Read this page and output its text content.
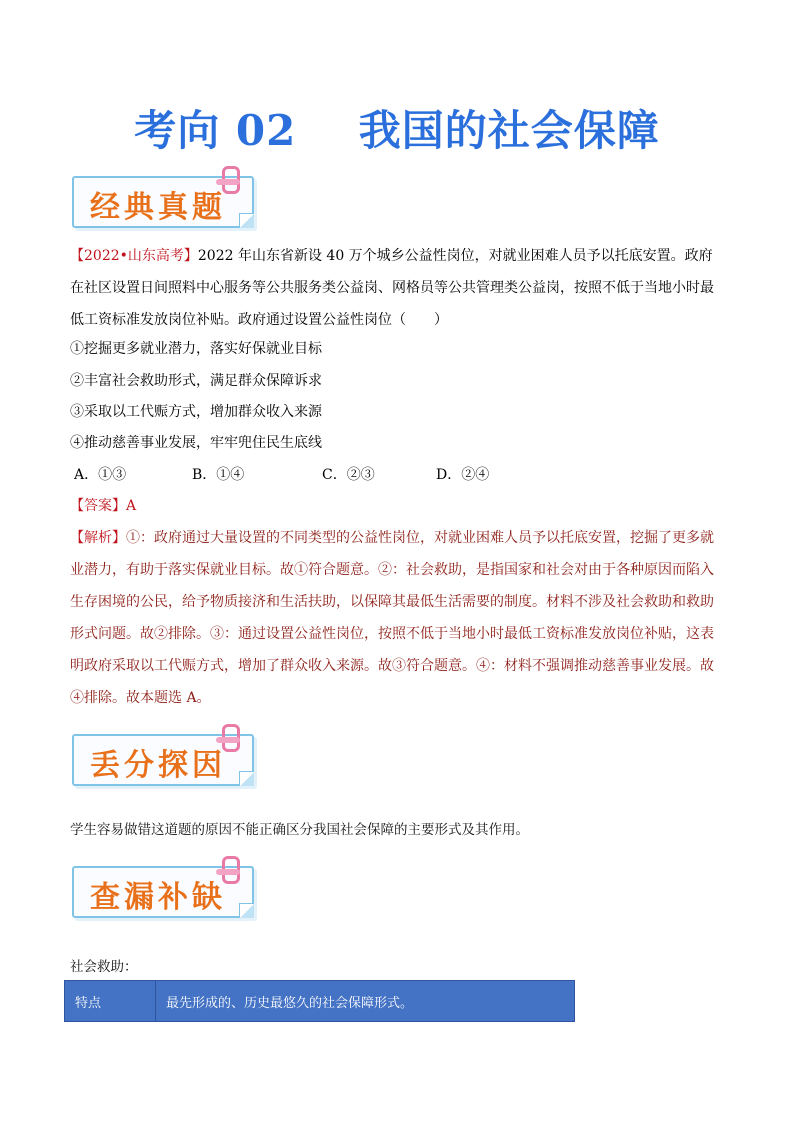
考向 02    我国的社会保障
经典真题
【2022•山东高考】2022 年山东省新设 40 万个城乡公益性岗位，对就业困难人员予以托底安置。政府在社区设置日间照料中心服务等公共服务类公益岗、网格员等公共管理类公益岗，按照不低于当地小时最低工资标准发放岗位补贴。政府通过设置公益性岗位（　　）
①挖掘更多就业潜力，落实好保就业目标
②丰富社会救助形式，满足群众保障诉求
③采取以工代赈方式，增加群众收入来源
④推动慈善事业发展，牢牢兜住民生底线
A．①③	B．①④	C．②③	D．②④
【答案】A
【解析】①：政府通过大量设置的不同类型的公益性岗位，对就业困难人员予以托底安置，挖掘了更多就业潜力，有助于落实保就业目标。故①符合题意。②：社会救助，是指国家和社会对由于各种原因而陷入生存困境的公民，给予物质接济和生活扶助，以保障其最低生活需要的制度。材料不涉及社会救助和救助形式问题。故②排除。③：通过设置公益性岗位，按照不低于当地小时最低工资标准发放岗位补贴，这表明政府采取以工代赈方式，增加了群众收入来源。故③符合题意。④：材料不强调推动慈善事业发展。故④排除。故本题选 A。
丢分探因
学生容易做错这道题的原因不能正确区分我国社会保障的主要形式及其作用。
查漏补缺
社会救助：
特点	最先形成的、历史最悠久的社会保障形式。
